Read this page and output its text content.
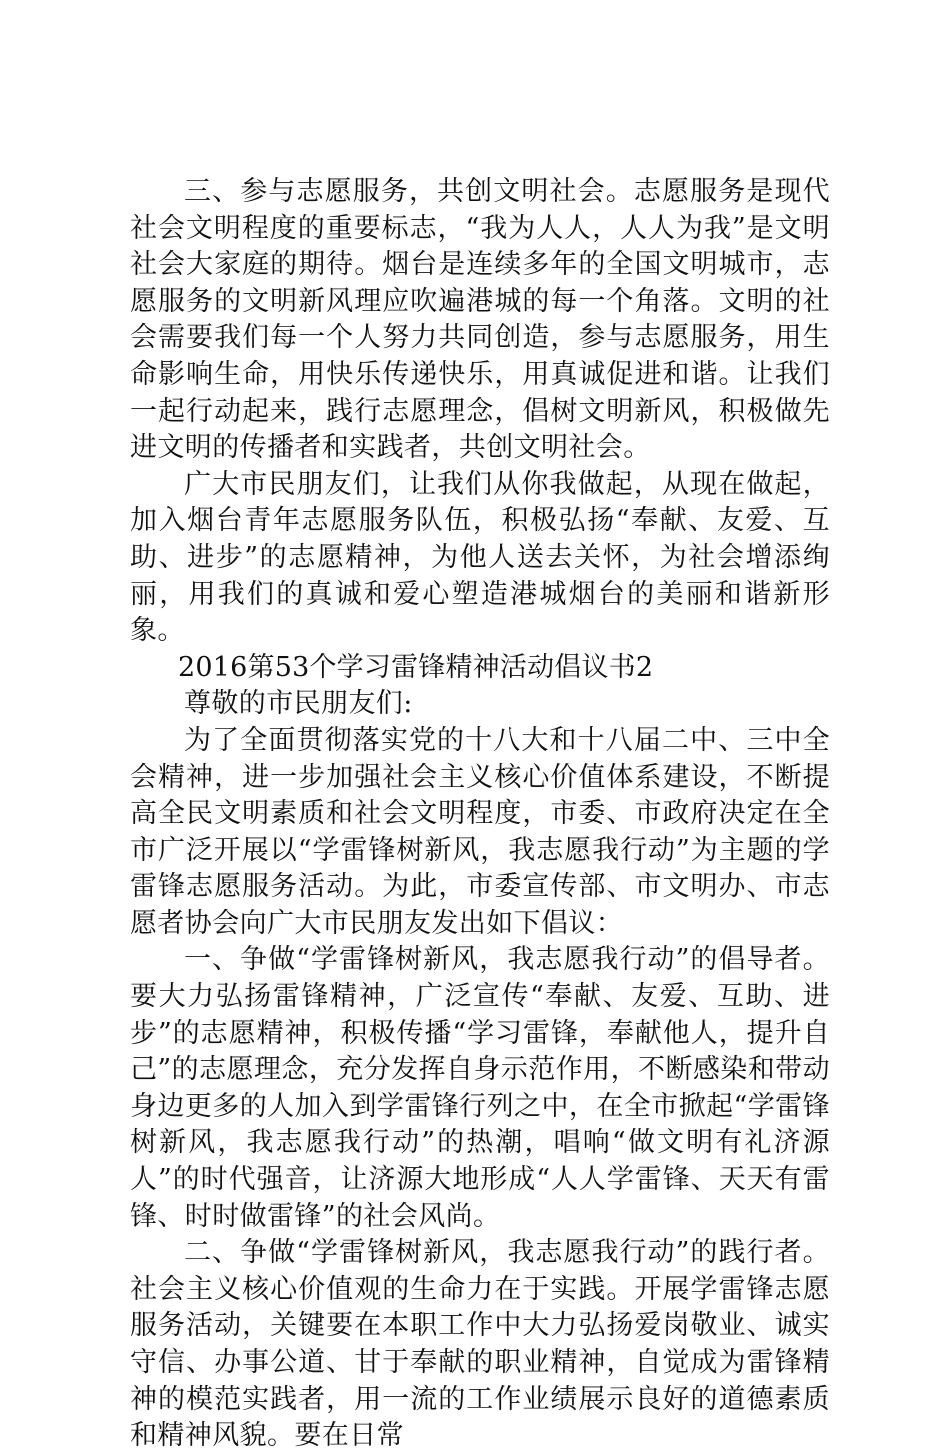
三、参与志愿服务，共创文明社会。志愿服务是现代社会文明程度的重要标志，“我为人人，人人为我”是文明社会大家庭的期待。烟台是连续多年的全国文明城市，志愿服务的文明新风理应吹遍港城的每一个角落。文明的社会需要我们每一个人努力共同创造，参与志愿服务，用生命影响生命，用快乐传递快乐，用真诚促进和谐。让我们一起行动起来，践行志愿理念，倡树文明新风，积极做先进文明的传播者和实践者，共创文明社会。

广大市民朋友们，让我们从你我做起，从现在做起，加入烟台青年志愿服务队伍，积极弘扬“奉献、友爱、互助、进步”的志愿精神，为他人送去关怀，为社会增添绚丽，用我们的真诚和爱心塑造港城烟台的美丽和谐新形象。

2016第53个学习雷锋精神活动倡议书2

尊敬的市民朋友们:

为了全面贯彻落实党的十八大和十八届二中、三中全会精神，进一步加强社会主义核心价值体系建设，不断提高全民文明素质和社会文明程度，市委、市政府决定在全市广泛开展以“学雷锋树新风，我志愿我行动”为主题的学雷锋志愿服务活动。为此，市委宣传部、市文明办、市志愿者协会向广大市民朋友发出如下倡议：

一、争做“学雷锋树新风，我志愿我行动”的倡导者。要大力弘扬雷锋精神，广泛宣传“奉献、友爱、互助、进步”的志愿精神，积极传播“学习雷锋，奉献他人，提升自己”的志愿理念，充分发挥自身示范作用，不断感染和带动身边更多的人加入到学雷锋行列之中，在全市掀起“学雷锋树新风，我志愿我行动”的热潮，唱响“做文明有礼济源人”的时代强音，让济源大地形成“人人学雷锋、天天有雷锋、时时做雷锋”的社会风尚。

二、争做“学雷锋树新风，我志愿我行动”的践行者。社会主义核心价值观的生命力在于实践。开展学雷锋志愿服务活动，关键要在本职工作中大力弘扬爱岗敬业、诚实守信、办事公道、甘于奉献的职业精神，自觉成为雷锋精神的模范实践者，用一流的工作业绩展示良好的道德素质和精神风貌。要在日常
